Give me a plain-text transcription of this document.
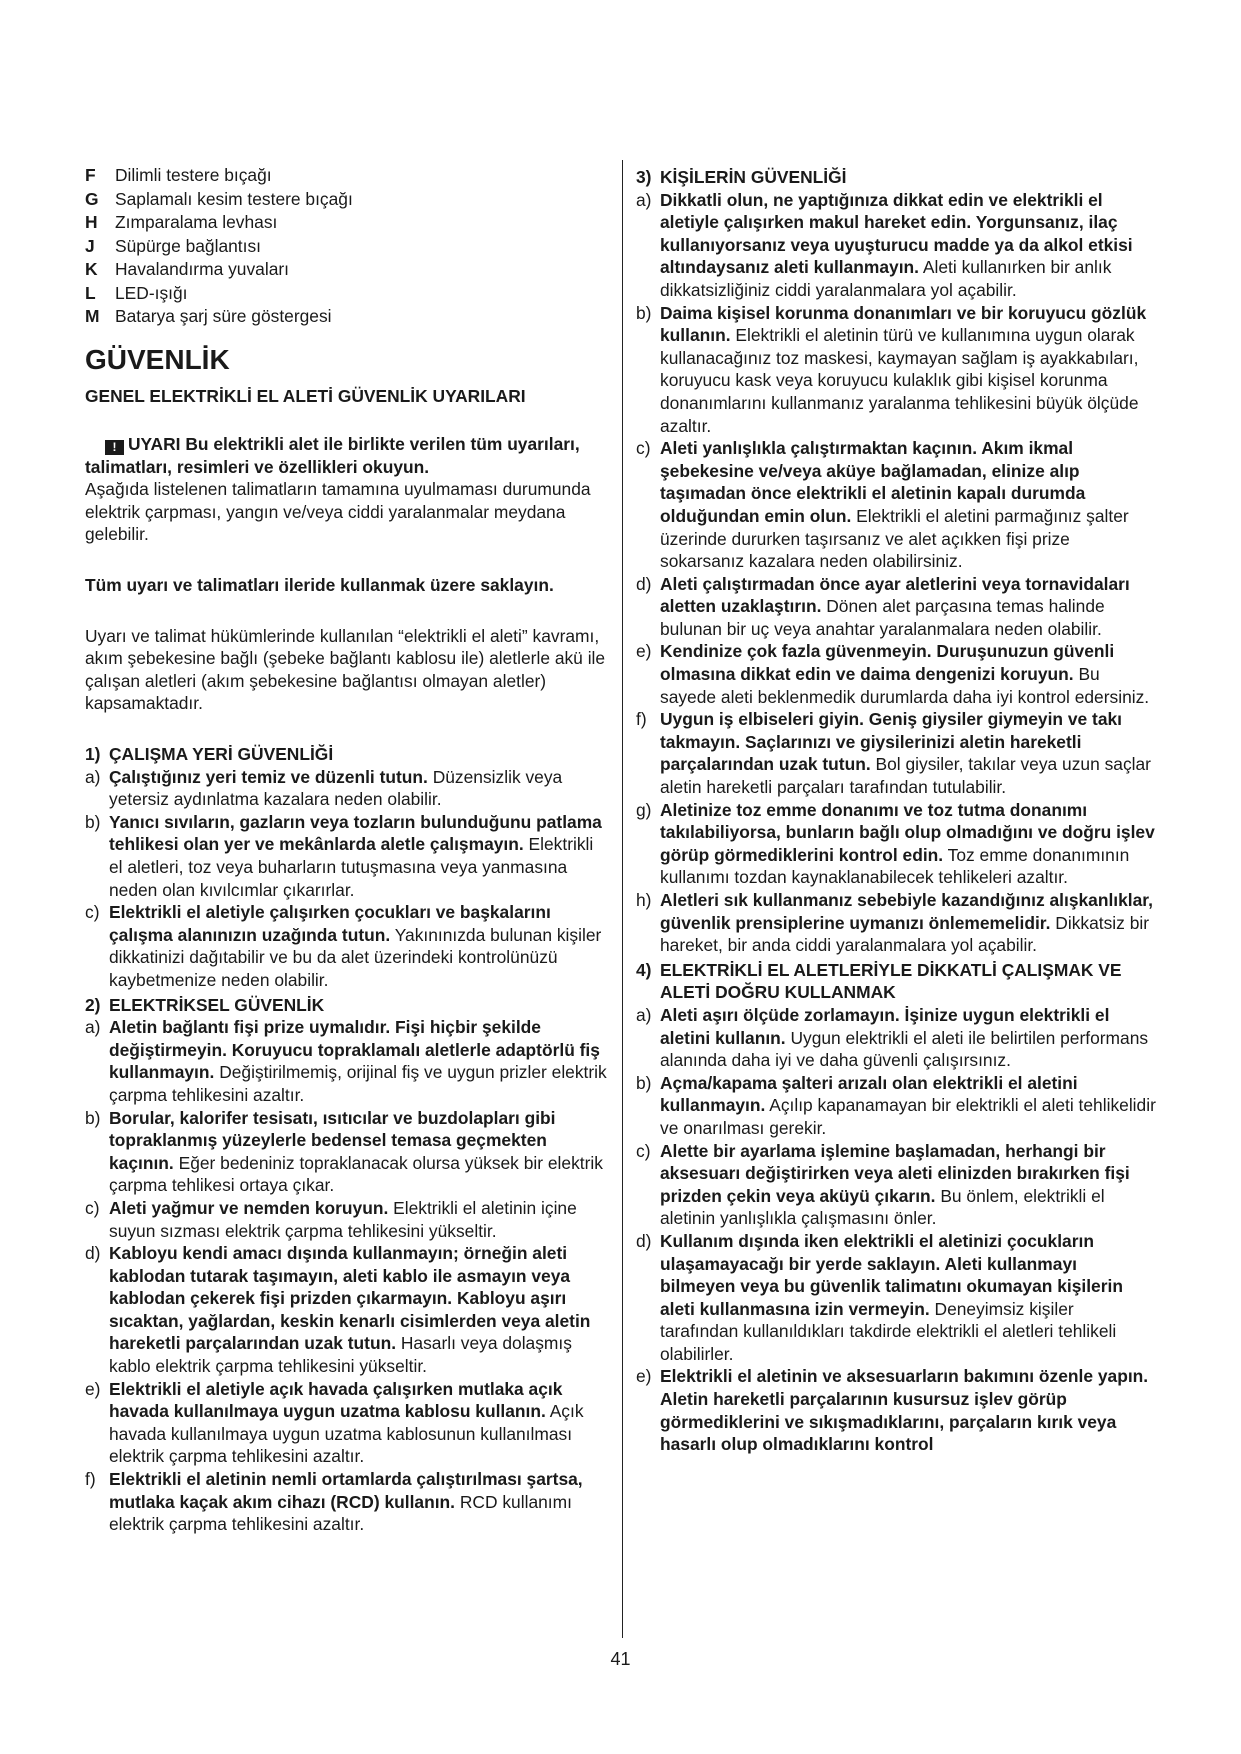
F	Dilimli testere bıçağı
G Saplamalı kesim testere bıçağı
H	Zımparalama levhası
J	Süpürge bağlantısı
K	Havalandırma yuvaları
L	LED-ışığı
M Batarya şarj süre göstergesi
GÜVENLİK
GENEL ELEKTRİKLİ EL ALETİ GÜVENLİK UYARILARI
! UYARI Bu elektrikli alet ile birlikte verilen tüm uyarıları, talimatları, resimleri ve özellikleri okuyun.
Aşağıda listelenen talimatların tamamına uyulmaması durumunda elektrik çarpması, yangın ve/veya ciddi yaralanmalar meydana gelebilir.
Tüm uyarı ve talimatları ileride kullanmak üzere saklayın.
Uyarı ve talimat hükümlerinde kullanılan “elektrikli el aleti” kavramı, akım şebekesine bağlı (şebeke bağlantı kablosu ile) aletlerle akü ile çalışan aletleri (akım şebekesine bağlantısı olmayan aletler) kapsamaktadır.
1) ÇALIŞMA YERİ GÜVENLİĞİ
a) Çalıştığınız yeri temiz ve düzenli tutun. Düzensizlik veya yetersiz aydınlatma kazalara neden olabilir.
b) Yanıcı sıvıların, gazların veya tozların bulunduğunu patlama tehlikesi olan yer ve mekânlarda aletle çalışmayın. Elektrikli el aletleri, toz veya buharların tutuşmasına veya yanmasına neden olan kıvılcımlar çıkarırlar.
c) Elektrikli el aletiyle çalışırken çocukları ve başkalarını çalışma alanınızın uzağında tutun. Yakınınızda bulunan kişiler dikkatinizi dağıtabilir ve bu da alet üzerindeki kontrolünüzü kaybetmenize neden olabilir.
2) ELEKTRİKSEL GÜVENLİK
a) Aletin bağlantı fişi prize uymalıdır. Fişi hiçbir şekilde değiştirmeyin. Koruyucu topraklamalı aletlerle adaptörlü fiş kullanmayın. Değiştirilmemiş, orijinal fiş ve uygun prizler elektrik çarpma tehlikesini azaltır.
b) Borular, kalorifer tesisatı, ısıtıcılar ve buzdolapları gibi topraklanmış yüzeylerle bedensel temasa geçmekten kaçının. Eğer bedeniniz topraklanacak olursa yüksek bir elektrik çarpma tehlikesi ortaya çıkar.
c) Aleti yağmur ve nemden koruyun. Elektrikli el aletinin içine suyun sızması elektrik çarpma tehlikesini yükseltir.
d) Kabloyu kendi amacı dışında kullanmayın; örneğin aleti kablodan tutarak taşımayın, aleti kablo ile asmayın veya kablodan çekerek fişi prizden çıkarmayın. Kabloyu aşırı sıcaktan, yağlardan, keskin kenarlı cisimlerden veya aletin hareketli parçalarından uzak tutun. Hasarlı veya dolaşmış kablo elektrik çarpma tehlikesini yükseltir.
e) Elektrikli el aletiyle açık havada çalışırken mutlaka açık havada kullanılmaya uygun uzatma kablosu kullanın. Açık havada kullanılmaya uygun uzatma kablosunun kullanılması elektrik çarpma tehlikesini azaltır.
f) Elektrikli el aletinin nemli ortamlarda çalıştırılması şartsa, mutlaka kaçak akım cihazı (RCD) kullanın. RCD kullanımı elektrik çarpma tehlikesini azaltır.
3) KİŞİLERİN GÜVENLİĞİ
a) Dikkatli olun, ne yaptığınıza dikkat edin ve elektrikli el aletiyle çalışırken makul hareket edin. Yorgunsanız, ilaç kullanıyorsanız veya uyuşturucu madde ya da alkol etkisi altındaysanız aleti kullanmayın. Aleti kullanırken bir anlık dikkatsizliğiniz ciddi yaralanmalara yol açabilir.
b) Daima kişisel korunma donanımları ve bir koruyucu gözlük kullanın. Elektrikli el aletinin türü ve kullanımına uygun olarak kullanacağınız toz maskesi, kaymayan sağlam iş ayakkabıları, koruyucu kask veya koruyucu kulaklık gibi kişisel korunma donanımlarını kullanmanız yaralanma tehlikesini büyük ölçüde azaltır.
c) Aleti yanlışlıkla çalıştırmaktan kaçının. Akım ikmal şebekesine ve/veya aküye bağlamadan, elinize alıp taşımadan önce elektrikli el aletinin kapalı durumda olduğundan emin olun. Elektrikli el aletini parmağınız şalter üzerinde dururken taşırsanız ve alet açıkken fişi prize sokarsanız kazalara neden olabilirsiniz.
d) Aleti çalıştırmadan önce ayar aletlerini veya tornavidaları aletten uzaklaştırın. Dönen alet parçasına temas halinde bulunan bir uç veya anahtar yaralanmalara neden olabilir.
e) Kendinize çok fazla güvenmeyin. Duruşunuzun güvenli olmasına dikkat edin ve daima dengenizi koruyun. Bu sayede aleti beklenmedik durumlarda daha iyi kontrol edersiniz.
f) Uygun iş elbiseleri giyin. Geniş giysiler giymeyin ve takı takmayın. Saçlarınızı ve giysilerinizi aletin hareketli parçalarından uzak tutun. Bol giysiler, takılar veya uzun saçlar aletin hareketli parçaları tarafından tutulabilir.
g) Aletinize toz emme donanımı ve toz tutma donanımı takılabiliyorsa, bunların bağlı olup olmadığını ve doğru işlev görüp görmediklerini kontrol edin. Toz emme donanımının kullanımı tozdan kaynaklanabilecek tehlikeleri azaltır.
h) Aletleri sık kullanmanız sebebiyle kazandığınız alışkanlıklar, güvenlik prensiplerine uymanızı önlememelidir. Dikkatsiz bir hareket, bir anda ciddi yaralanmalara yol açabilir.
4) ELEKTRİKLİ EL ALETLERİYLE DİKKATLİ ÇALIŞMAK VE ALETİ DOĞRU KULLANMAK
a) Aleti aşırı ölçüde zorlamayın. İşinize uygun elektrikli el aletini kullanın. Uygun elektrikli el aleti ile belirtilen performans alanında daha iyi ve daha güvenli çalışırsınız.
b) Açma/kapama şalteri arızalı olan elektrikli el aletini kullanmayın. Açılıp kapanamayan bir elektrikli el aleti tehlikelidir ve onarılması gerekir.
c) Alette bir ayarlama işlemine başlamadan, herhangi bir aksesuarı değiştirirken veya aleti elinizden bırakırken fişi prizden çekin veya aküyü çıkarın. Bu önlem, elektrikli el aletinin yanlışlıkla çalışmasını önler.
d) Kullanım dışında iken elektrikli el aletinizi çocukların ulaşamayacağı bir yerde saklayın. Aleti kullanmayı bilmeyen veya bu güvenlik talimatını okumayan kişilerin aleti kullanmasına izin vermeyin. Deneyimsiz kişiler tarafından kullanıldıkları takdirde elektrikli el aletleri tehlikeli olabilirler.
e) Elektrikli el aletinin ve aksesuarların bakımını özenle yapın. Aletin hareketli parçalarının kusursuz işlev görüp görmediklerini ve sıkışmadıklarını, parçaların kırık veya hasarlı olup olmadıklarını kontrol
41
